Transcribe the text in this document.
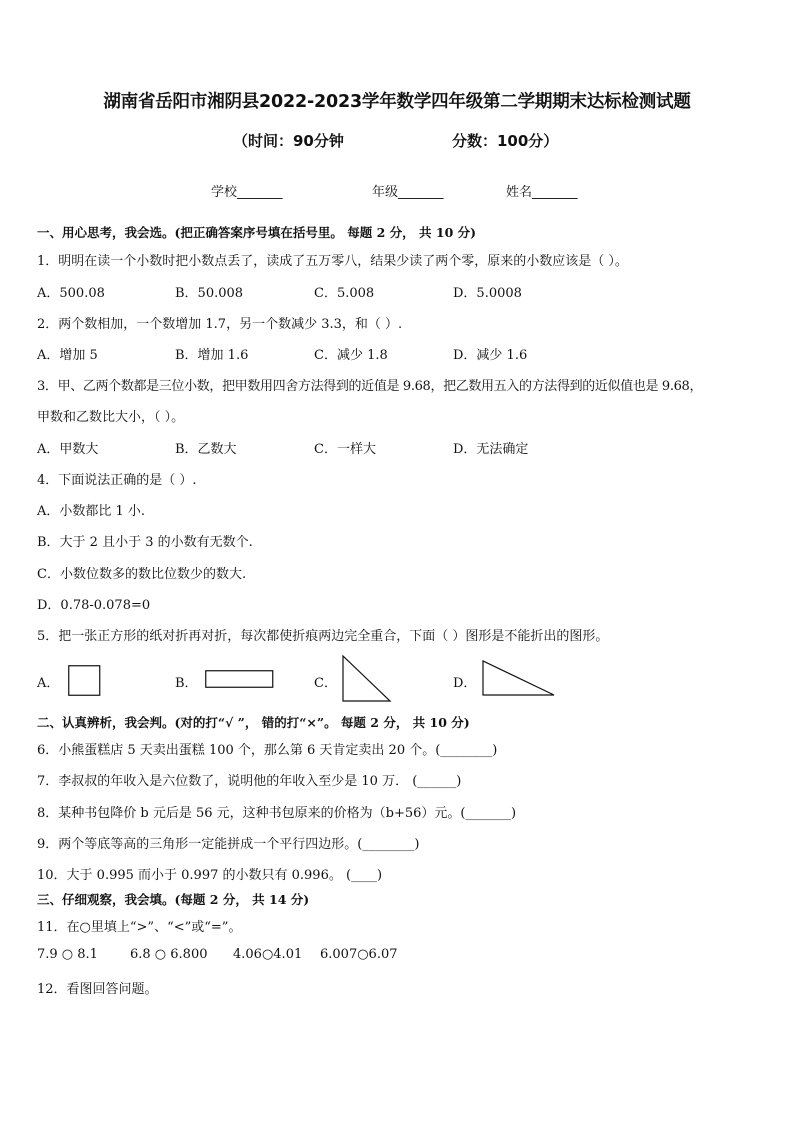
湖南省岳阳市湘阴县2022-2023学年数学四年级第二学期期末达标检测试题
（时间：90分钟	分数：100分）
学校_______	年级_______	姓名_______
一、用心思考，我会选。(把正确答案序号填在括号里。 每题 2 分， 共 10 分)
1．明明在读一个小数时把小数点丢了，读成了五万零八，结果少读了两个零，原来的小数应该是（ ）。
A．500.08	B．50.008	C．5.008	D．5.0008
2．两个数相加，一个数增加 1.7，另一个数减少 3.3，和（ ）.
A．增加 5	B．增加 1.6	C．减少 1.8	D．减少 1.6
3．甲、乙两个数都是三位小数，把甲数用四舍方法得到的近值是 9.68，把乙数用五入的方法得到的近似值也是 9.68，
甲数和乙数比大小，（ ）。
A．甲数大	B．乙数大	C．一样大	D．无法确定
4．下面说法正确的是（ ）.
A．小数都比 1 小.
B．大于 2 且小于 3 的小数有无数个.
C．小数位数多的数比位数少的数大.
D．0.78-0.078=0
5．把一张正方形的纸对折再对折，每次都使折痕两边完全重合，下面（ ）图形是不能折出的图形。
A．	B．	C．	D．
二、认真辨析，我会判。(对的打“√ ”， 错的打“×”。 每题 2 分， 共 10 分)
6．小熊蛋糕店 5 天卖出蛋糕 100 个，那么第 6 天肯定卖出 20 个。(________)
7．李叔叔的年收入是六位数了，说明他的年收入至少是 10 万． (______)
8．某种书包降价 b 元后是 56 元，这种书包原来的价格为（b+56）元。(_______)
9．两个等底等高的三角形一定能拼成一个平行四边形。(________)
10．大于 0.995 而小于 0.997 的小数只有 0.996。 (____)
三、仔细观察，我会填。(每题 2 分， 共 14 分)
11．在○里填上“>”、“<”或“=”。
7.9 ○ 8.1 6.8 ○ 6.800 4.06○4.01 6.007○6.07
12．看图回答问题。
